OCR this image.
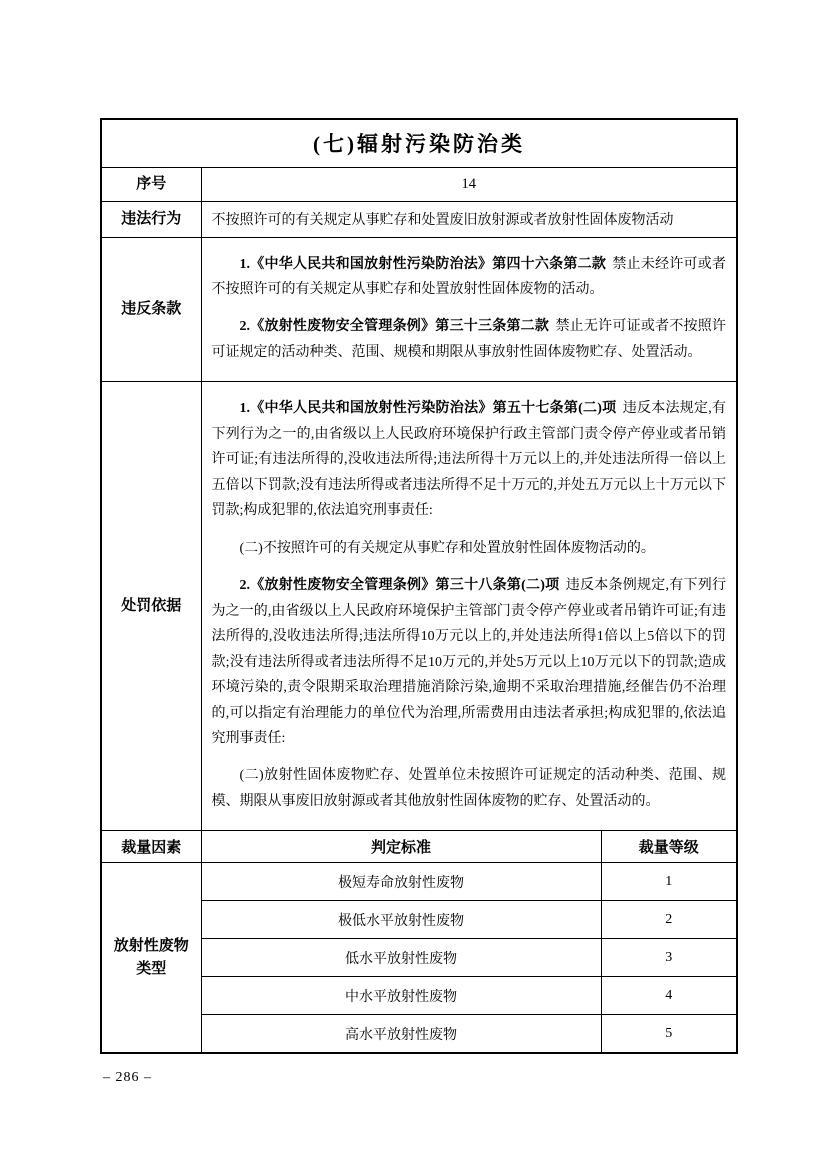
(七)辐射污染防治类		
序号	14	
违法行为	不按照许可的有关规定从事贮存和处置废旧放射源或者放射性固体废物活动	
违反条款	1.《中华人民共和国放射性污染防治法》第四十六条第二款 禁止未经许可或者不按照许可的有关规定从事贮存和处置放射性固体废物的活动。

2.《放射性废物安全管理条例》第三十三条第二款 禁止无许可证或者不按照许可证规定的活动种类、范围、规模和期限从事放射性固体废物贮存、处置活动。	

处罚依据	1.《中华人民共和国放射性污染防治法》第五十七条第(二)项 违反本法规定,有下列行为之一的,由省级以上人民政府环境保护行政主管部门责令停产停业或者吊销许可证;有违法所得的,没收违法所得;违法所得十万元以上的,并处违法所得一倍以上五倍以下罚款;没有违法所得或者违法所得不足十万元的,并处五万元以上十万元以下罚款;构成犯罪的,依法追究刑事责任:

(二)不按照许可的有关规定从事贮存和处置放射性固体废物活动的。

2.《放射性废物安全管理条例》第三十八条第(二)项 违反本条例规定,有下列行为之一的,由省级以上人民政府环境保护主管部门责令停产停业或者吊销许可证;有违法所得的,没收违法所得;违法所得10万元以上的,并处违法所得1倍以上5倍以下的罚款;没有违法所得或者违法所得不足10万元的,并处5万元以上10万元以下的罚款;造成环境污染的,责令限期采取治理措施消除污染,逾期不采取治理措施,经催告仍不治理的,可以指定有治理能力的单位代为治理,所需费用由违法者承担;构成犯罪的,依法追究刑事责任:

(二)放射性固体废物贮存、处置单位未按照许可证规定的活动种类、范围、规模、期限从事废旧放射源或者其他放射性固体废物的贮存、处置活动的。	

裁量因素	判定标准	裁量等级
放射性废物类型	极短寿命放射性废物	1
	极低水平放射性废物	2
	低水平放射性废物	3
	中水平放射性废物	4
	高水平放射性废物	5
– 286 –
